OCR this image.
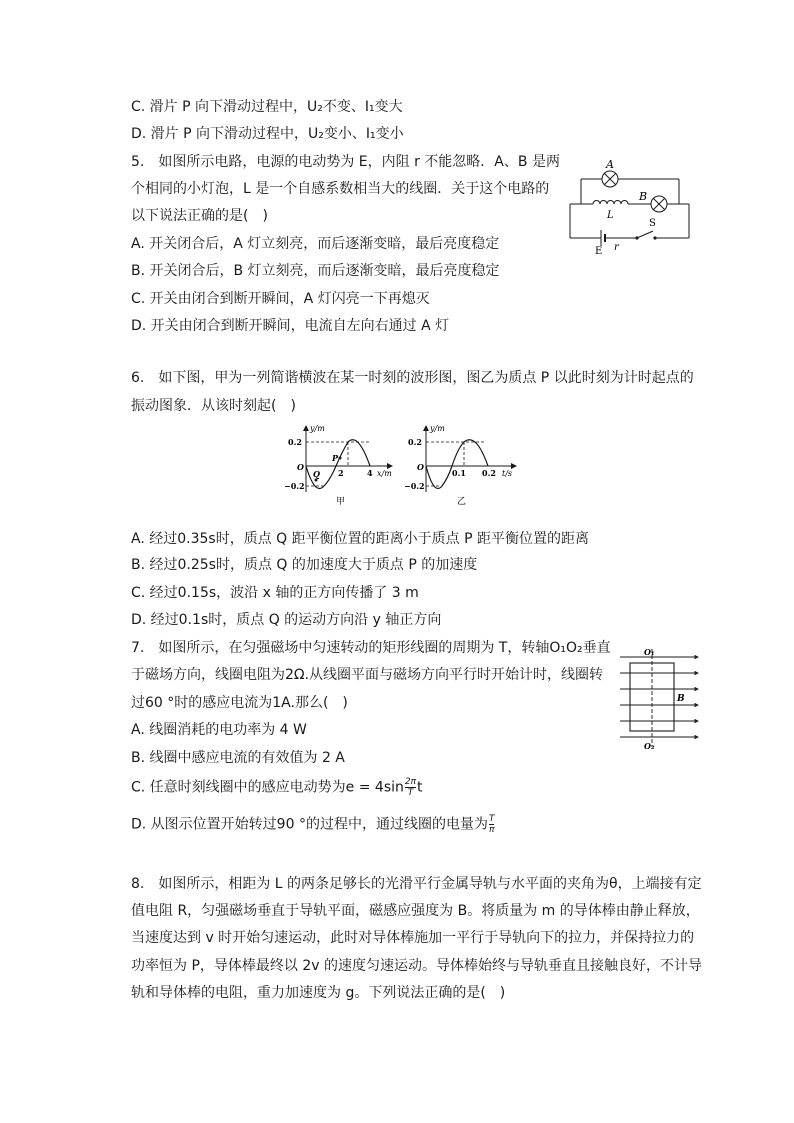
C. 滑片 P 向下滑动过程中，U₂不变、I₁变大
D. 滑片 P 向下滑动过程中，U₂变小、I₁变小
5.　如图所示电路，电源的电动势为 E，内阻 r 不能忽略．A、B 是两
个相同的小灯泡，L 是一个自感系数相当大的线圈．关于这个电路的
以下说法正确的是(　)
A. 开关闭合后，A 灯立刻亮，而后逐渐变暗，最后亮度稳定
B. 开关闭合后，B 灯立刻亮，而后逐渐变暗，最后亮度稳定
C. 开关由闭合到断开瞬间，A 灯闪亮一下再熄灭
D. 开关由闭合到断开瞬间，电流自左向右通过 A 灯
A
B
L
S
E r
6.　如下图，甲为一列简谐横波在某一时刻的波形图，图乙为质点 P 以此时刻为计时起点的
振动图象．从该时刻起(　)
y/m
x/m
0.2
−0.2
O
2	4
P
Q
甲
y/m
t/s
0.2
−0.2
O
0.1 0.2
乙
A. 经过0.35s时，质点 Q 距平衡位置的距离小于质点 P 距平衡位置的距离
B. 经过0.25s时，质点 Q 的加速度大于质点 P 的加速度
C. 经过0.15s，波沿 x 轴的正方向传播了 3 m
D. 经过0.1s时，质点 Q 的运动方向沿 y 轴正方向
7.　如图所示，在匀强磁场中匀速转动的矩形线圈的周期为 T，转轴O₁O₂垂直
于磁场方向，线圈电阻为2Ω.从线圈平面与磁场方向平行时开始计时，线圈转
过60 °时的感应电流为1A.那么(　)
A. 线圈消耗的电功率为 4 W
B. 线圈中感应电流的有效值为 2 A
C. 任意时刻线圈中的感应电动势为$e = 4\sin \frac{2\pi}{T}$ t
D. 从图示位置开始转过90 °的过程中，通过线圈的电量为 $\frac{T}{\pi}$
O₁
O₂
B
8.　如图所示，相距为 L 的两条足够长的光滑平行金属导轨与水平面的夹角为θ，上端接有定
值电阻 R，匀强磁场垂直于导轨平面，磁感应强度为 B。将质量为 m 的导体棒由静止释放，
当速度达到 v 时开始匀速运动，此时对导体棒施加一平行于导轨向下的拉力，并保持拉力的
功率恒为 P，导体棒最终以 2v 的速度匀速运动。导体棒始终与导轨垂直且接触良好，不计导
轨和导体棒的电阻，重力加速度为 g。下列说法正确的是(　)
